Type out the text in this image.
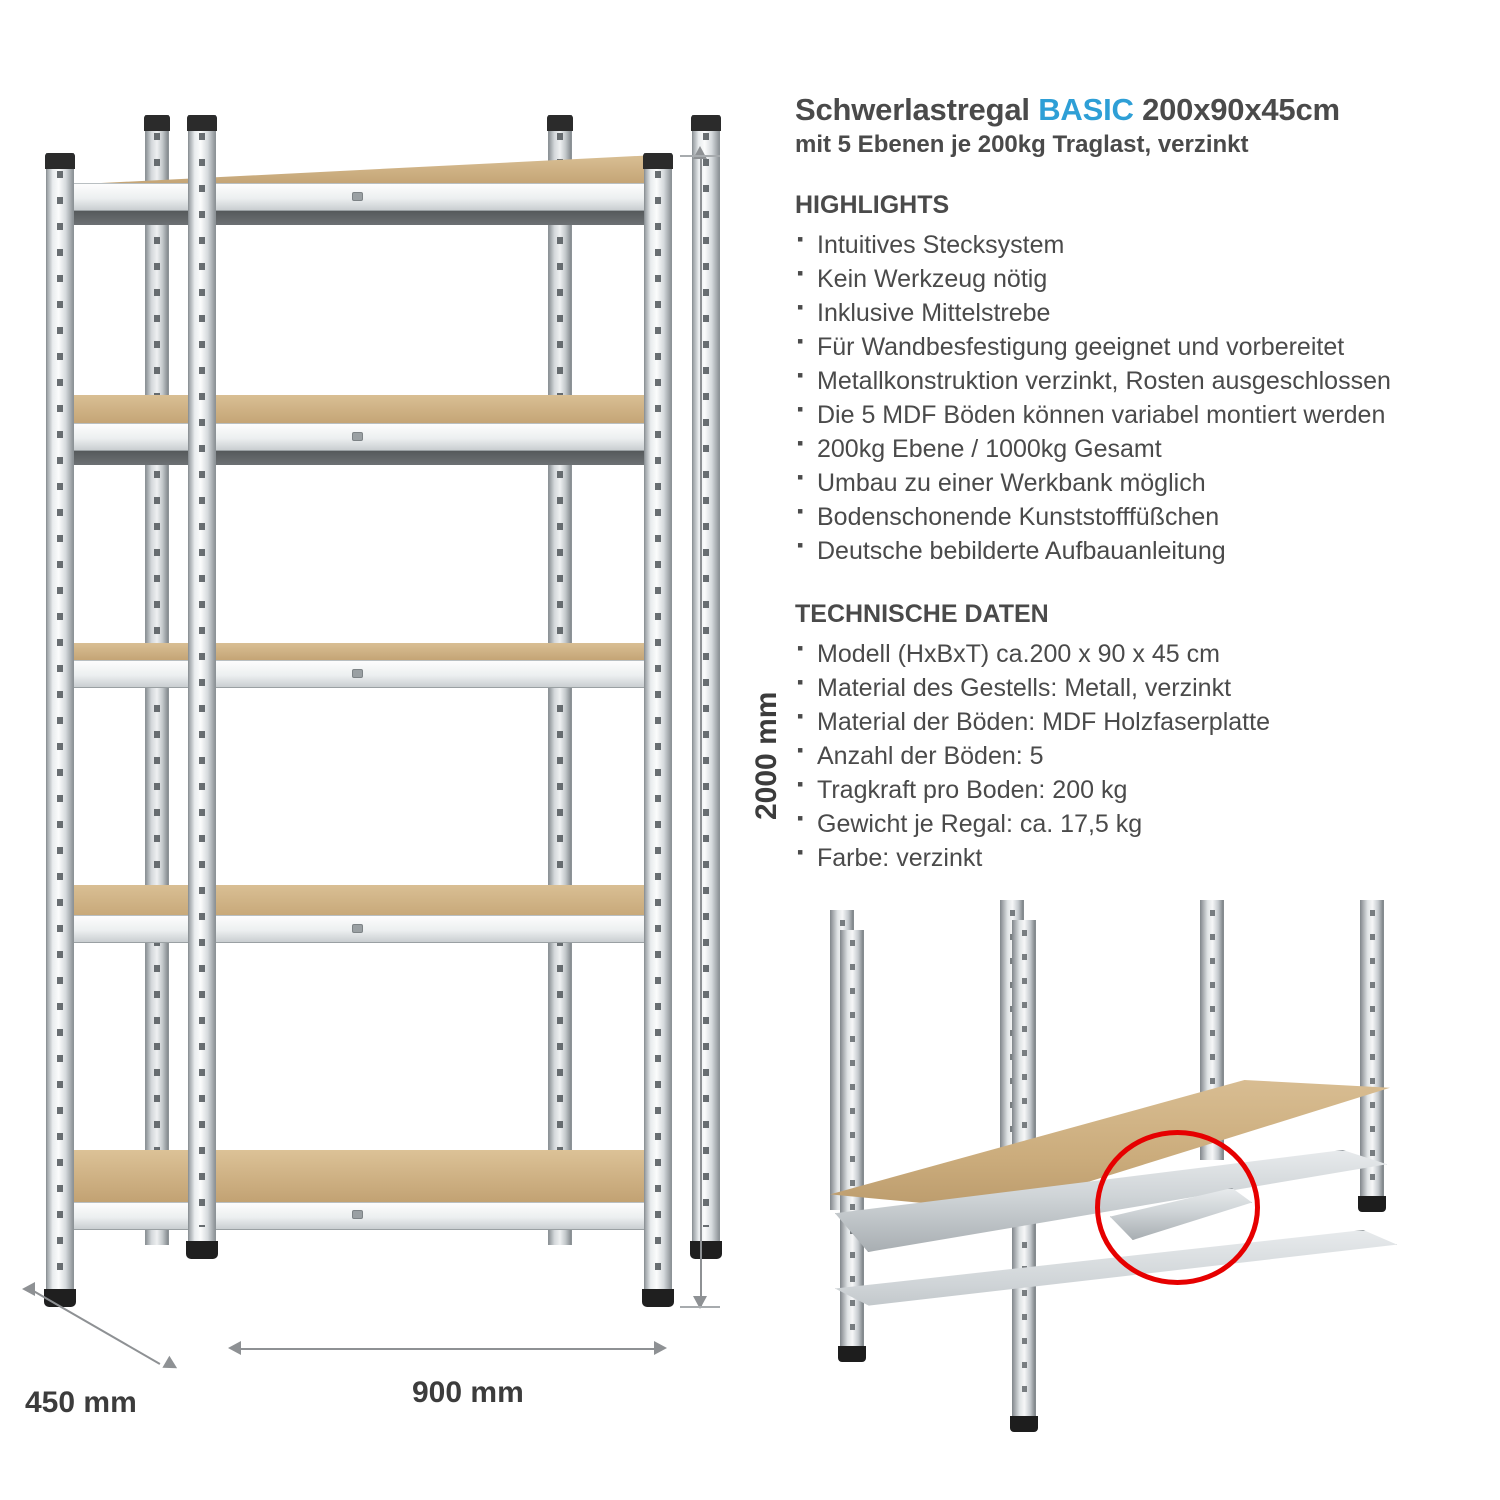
2000 mm
900 mm
450 mm
Schwerlastregal BASIC 200x90x45cm
mit 5 Ebenen je 200kg Traglast, verzinkt
HIGHLIGHTS
▪ Intuitives Stecksystem
▪ Kein Werkzeug nötig
▪ Inklusive Mittelstrebe
▪ Für Wandbesfestigung geeignet und vorbereitet
▪ Metallkonstruktion verzinkt, Rosten ausgeschlossen
▪ Die 5 MDF Böden können variabel montiert werden
▪ 200kg Ebene / 1000kg Gesamt
▪ Umbau zu einer Werkbank möglich
▪ Bodenschonende Kunststofffüßchen
▪ Deutsche bebilderte Aufbauanleitung
TECHNISCHE DATEN
▪ Modell (HxBxT) ca.200 x 90 x 45 cm
▪ Material des Gestells: Metall, verzinkt
▪ Material der Böden: MDF Holzfaserplatte
▪ Anzahl der Böden: 5
▪ Tragkraft pro Boden: 200 kg
▪ Gewicht je Regal: ca. 17,5 kg
▪ Farbe: verzinkt
